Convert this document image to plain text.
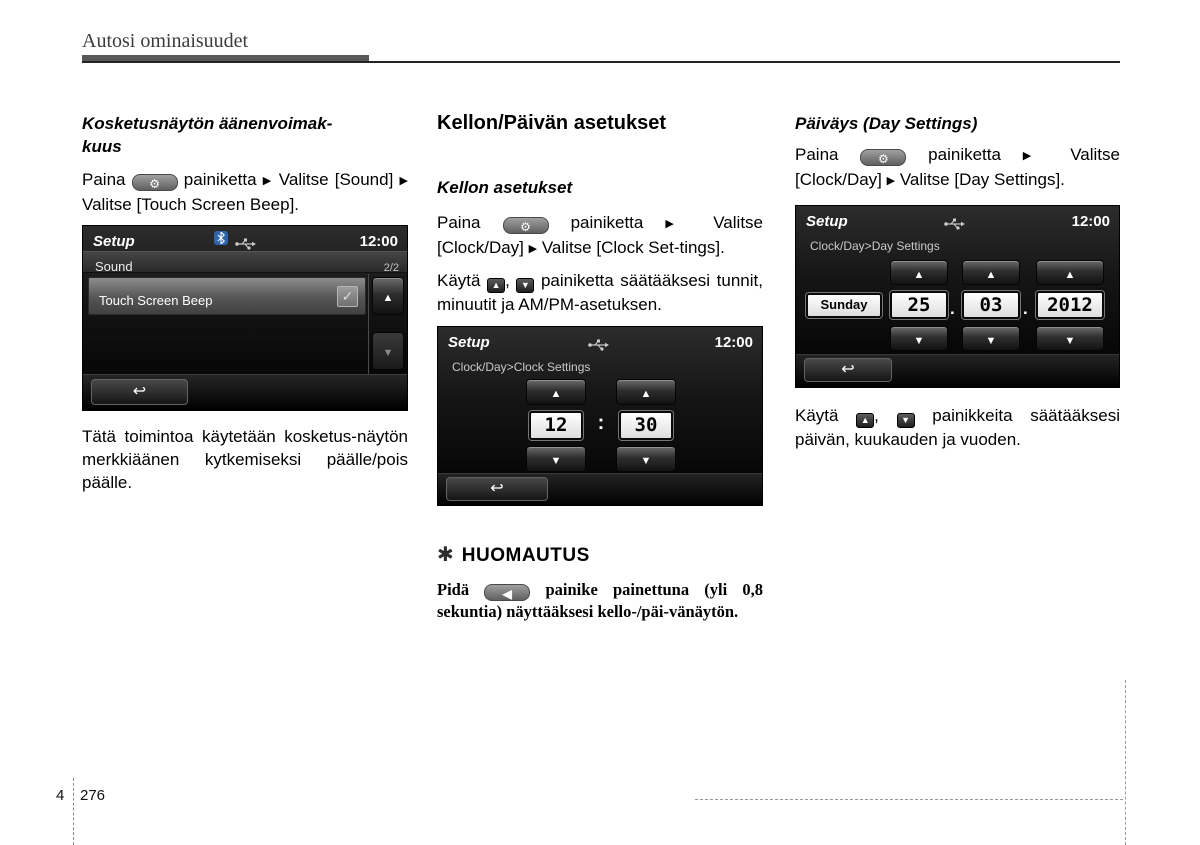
Autosi ominaisuudet
Kosketusnäytön äänenvoimak-
kuus

Paina ⚙ painiketta ▶ Valitse [Sound] ▶ Valitse [Touch Screen Beep].

Setup	12:00
Sound	2/2
Touch Screen Beep	✓	▲
▼
↩

Tätä toimintoa käytetään kosketus-näytön merkkiäänen kytkemiseksi päälle/pois päälle.

Kellon/Päivän asetukset
Kellon asetukset

Paina	⚙ painiketta ▶ Valitse [Clock/Day] ▶ Valitse [Clock Set-tings].

Käytä ▲ , ▼ painiketta säätääksesi tunnit, minuutit ja AM/PM-asetuksen.

Setup	12:00
Clock/Day>Clock Settings
▲	▲
12	:	30
▼	▼
↩
✱ HUOMAUTUS

Pidä	◀ painike painettuna (yli 0,8 sekuntia) näyttääksesi kello-/päi-vänäytön.

Päiväys (Day Settings)

Paina	⚙ painiketta ▶ Valitse [Clock/Day] ▶ Valitse [Day Settings].

Setup	12:00
Clock/Day>Day Settings
▲	▲	▲
Sunday	25	.	03	.	2012
▼	▼	▼
↩

Käytä ▲ , ▼ painikkeita säätääksesi päivän, kuukauden ja vuoden.

4 276
